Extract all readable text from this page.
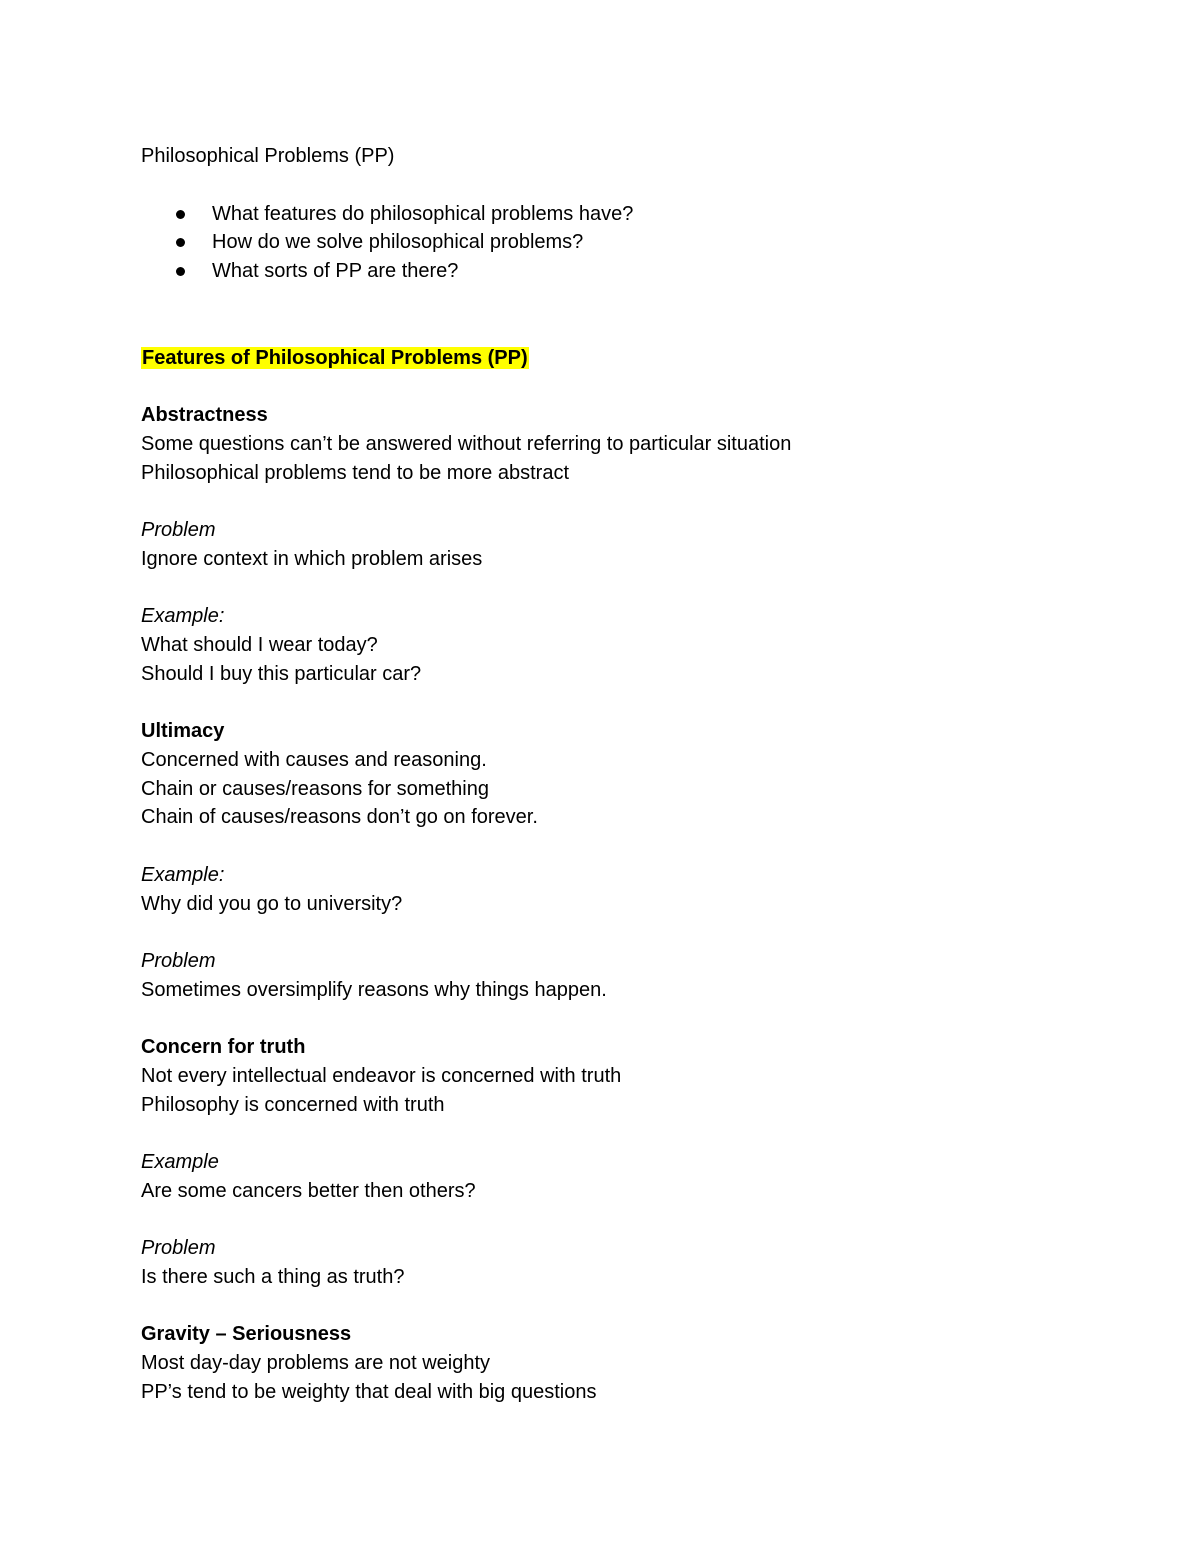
Philosophical Problems (PP)
What features do philosophical problems have?
How do we solve philosophical problems?
What sorts of PP are there?
Features of Philosophical Problems (PP)
Abstractness
Some questions can’t be answered without referring to particular situation
Philosophical problems tend to be more abstract
Problem
Ignore context in which problem arises
Example:
What should I wear today?
Should I buy this particular car?
Ultimacy
Concerned with causes and reasoning.
Chain or causes/reasons for something
Chain of causes/reasons don’t go on forever.
Example:
Why did you go to university?
Problem
Sometimes oversimplify reasons why things happen.
Concern for truth
Not every intellectual endeavor is concerned with truth
Philosophy is concerned with truth
Example
Are some cancers better then others?
Problem
Is there such a thing as truth?
Gravity – Seriousness
Most day-day problems are not weighty
PP’s tend to be weighty that deal with big questions
